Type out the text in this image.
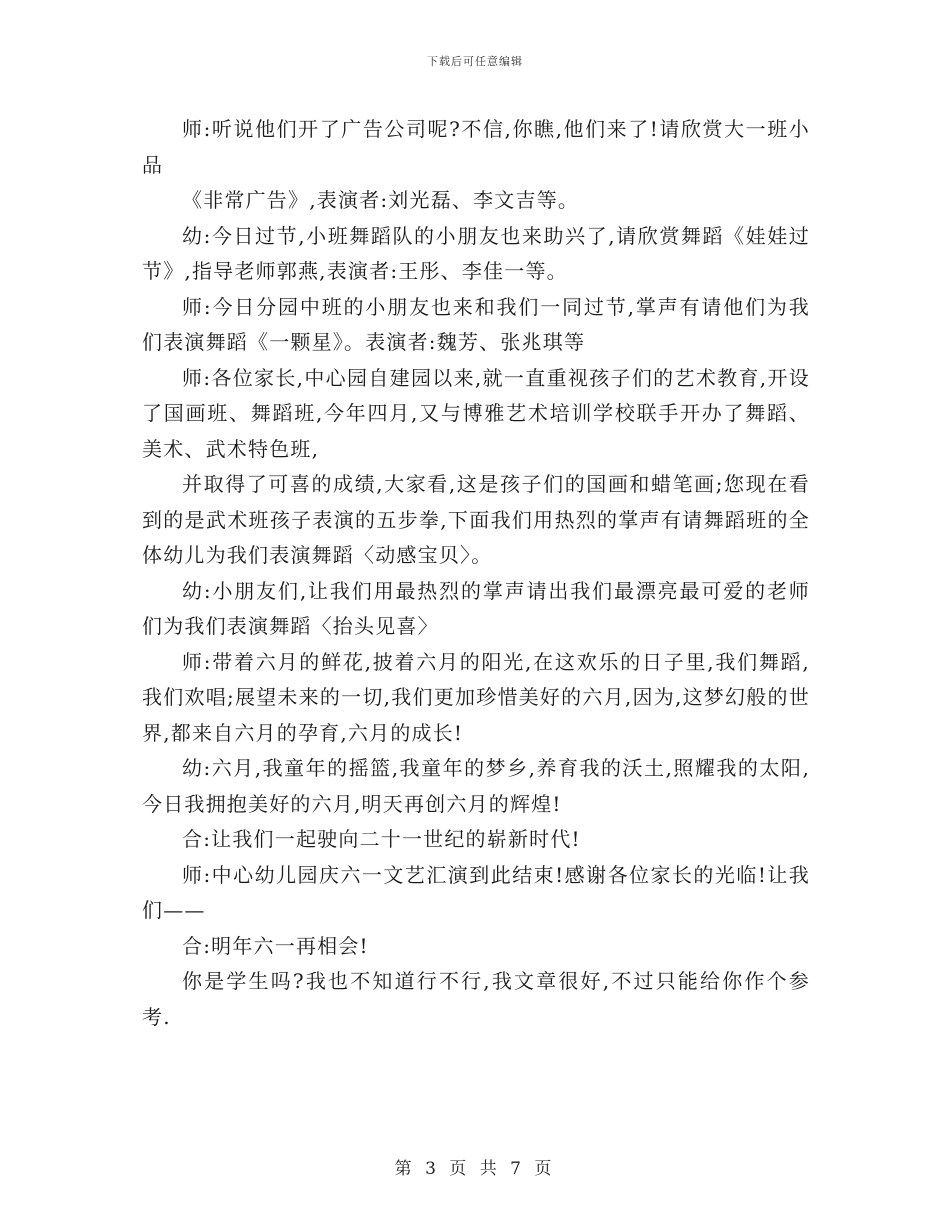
下载后可任意编辑

师:听说他们开了广告公司呢?不信,你瞧,他们来了!请欣赏大一班小品

《非常广告》,表演者:刘光磊、李文吉等。

幼:今日过节,小班舞蹈队的小朋友也来助兴了,请欣赏舞蹈《娃娃过节》,指导老师郭燕,表演者:王彤、李佳一等。

师:今日分园中班的小朋友也来和我们一同过节,掌声有请他们为我们表演舞蹈《一颗星》。表演者:魏芳、张兆琪等

师:各位家长,中心园自建园以来,就一直重视孩子们的艺术教育,开设了国画班、舞蹈班,今年四月,又与博雅艺术培训学校联手开办了舞蹈、美术、武术特色班,

并取得了可喜的成绩,大家看,这是孩子们的国画和蜡笔画;您现在看到的是武术班孩子表演的五步拳,下面我们用热烈的掌声有请舞蹈班的全体幼儿为我们表演舞蹈〈动感宝贝〉。

幼:小朋友们,让我们用最热烈的掌声请出我们最漂亮最可爱的老师们为我们表演舞蹈〈抬头见喜〉

师:带着六月的鲜花,披着六月的阳光,在这欢乐的日子里,我们舞蹈,我们欢唱;展望未来的一切,我们更加珍惜美好的六月,因为,这梦幻般的世界,都来自六月的孕育,六月的成长!

幼:六月,我童年的摇篮,我童年的梦乡,养育我的沃土,照耀我的太阳,今日我拥抱美好的六月,明天再创六月的辉煌!

合:让我们一起驶向二十一世纪的崭新时代!

师:中心幼儿园庆六一文艺汇演到此结束!感谢各位家长的光临!让我们——

合:明年六一再相会!

你是学生吗?我也不知道行不行,我文章很好,不过只能给你作个参考.

第 3 页 共 7 页
